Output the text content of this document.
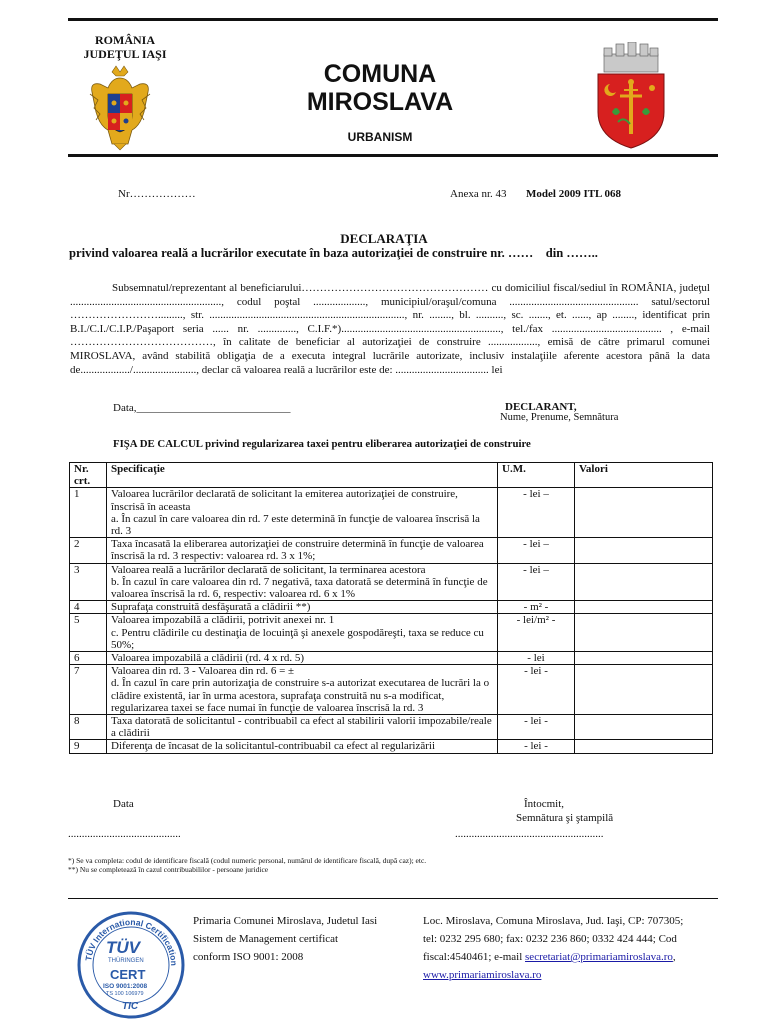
ROMÂNIA
JUDEŢUL IAŞI
COMUNA
MIROSLAVA
URBANISM
Nr………………	Anexa nr. 43 Model 2009 ITL 068
DECLARAŢIA
privind valoarea reală a lucrărilor executate în baza autorizaţiei de construire nr. ……    din ……..

Subsemnatul/reprezentant al beneficiarului…………………………………………… cu domiciliul fiscal/sediul în ROMÂNIA, judeţul ......................................................., codul poştal ..................., municipiul/oraşul/comuna ............................................... satul/sectorul ……………………........., str. ......................................................................., nr. ........, bl. .........., sc. ......., et. ......, ap ........, identificat prin B.I./C.I./C.I.P./Paşaport seria ...... nr. .............., C.I.F.*).........................................................., tel./fax ........................................ , e-mail …………………………………, în calitate de beneficiar al autorizaţiei de construire .................., emisă de către primarul comunei MIROSLAVA, având stabilită obligaţia de a executa integral lucrările autorizate, inclusiv instalaţiile aferente acestora până la data de................../......................., declar că valoarea reală a lucrărilor este de: .................................. lei

Data,____________________________	DECLARANT,
Nume, Prenume, Semnătura
FIŞA DE CALCUL privind regularizarea taxei pentru eliberarea autorizaţiei de construire
Nr. crt.	Specificaţie	U.M.	Valori
1	Valoarea lucrărilor declarată de solicitant la emiterea autorizaţiei de construire, înscrisă în aceasta
a. În cazul în care valoarea din rd. 7 este determină în funcţie de valoarea înscrisă la rd. 3	- lei –	
2	Taxa încasată la eliberarea autorizaţiei de construire determină în funcţie de valoarea înscrisă la rd. 3 respectiv: valoarea rd. 3 x 1%;	- lei –	
3	Valoarea reală a lucrărilor declarată de solicitant, la terminarea acestora
b. În cazul în care valoarea din rd. 7 negativă, taxa datorată se determină în funcţie de valoarea înscrisă la rd. 6, respectiv: valoarea rd. 6 x 1%	- lei –	
4	Suprafaţa construită desfăşurată a clădirii **)	- m² -	
5	Valoarea impozabilă a clădirii, potrivit anexei nr. 1
c. Pentru clădirile cu destinaţia de locuinţă şi anexele gospodăreşti, taxa se reduce cu 50%;	- lei/m² -	
6	Valoarea impozabilă a clădirii (rd. 4 x rd. 5)	- lei	
7	Valoarea din rd. 3 - Valoarea din rd. 6 = ±
d. În cazul în care prin autorizaţia de construire s-a autorizat executarea de lucrări la o clădire existentă, iar în urma acestora, suprafaţa construită nu s-a modificat, regularizarea taxei se face numai în funcţie de valoarea înscrisă la rd. 3	- lei -	
8	Taxa datorată de solicitantul - contribuabil ca efect al stabilirii valorii impozabile/reale a clădirii	- lei -	
9	Diferenţa de încasat de la solicitantul-contribuabil ca efect al regularizării	- lei -	
Data
.........................................
Întocmit,
Semnătura şi ştampilă
......................................................
*) Se va completa: codul de identificare fiscală (codul numeric personal, numărul de identificare fiscală, după caz); etc.
**) Nu se completează în cazul contribuabililor - persoane juridice
TÜV International Certification
TÜV
THÜRINGEN
CERT
ISO 9001:2008
TS 100 106979
TIC
Primaria Comunei Miroslava, Judetul Iasi
Sistem de Management certificat
conform ISO 9001: 2008
Loc. Miroslava, Comuna Miroslava, Jud. Iaşi, CP: 707305;
tel: 0232 295 680; fax: 0232 236 860; 0332 424 444; Cod
fiscal:4540461; e-mail secretariat@primariamiroslava.ro,
www.primariamiroslava.ro
